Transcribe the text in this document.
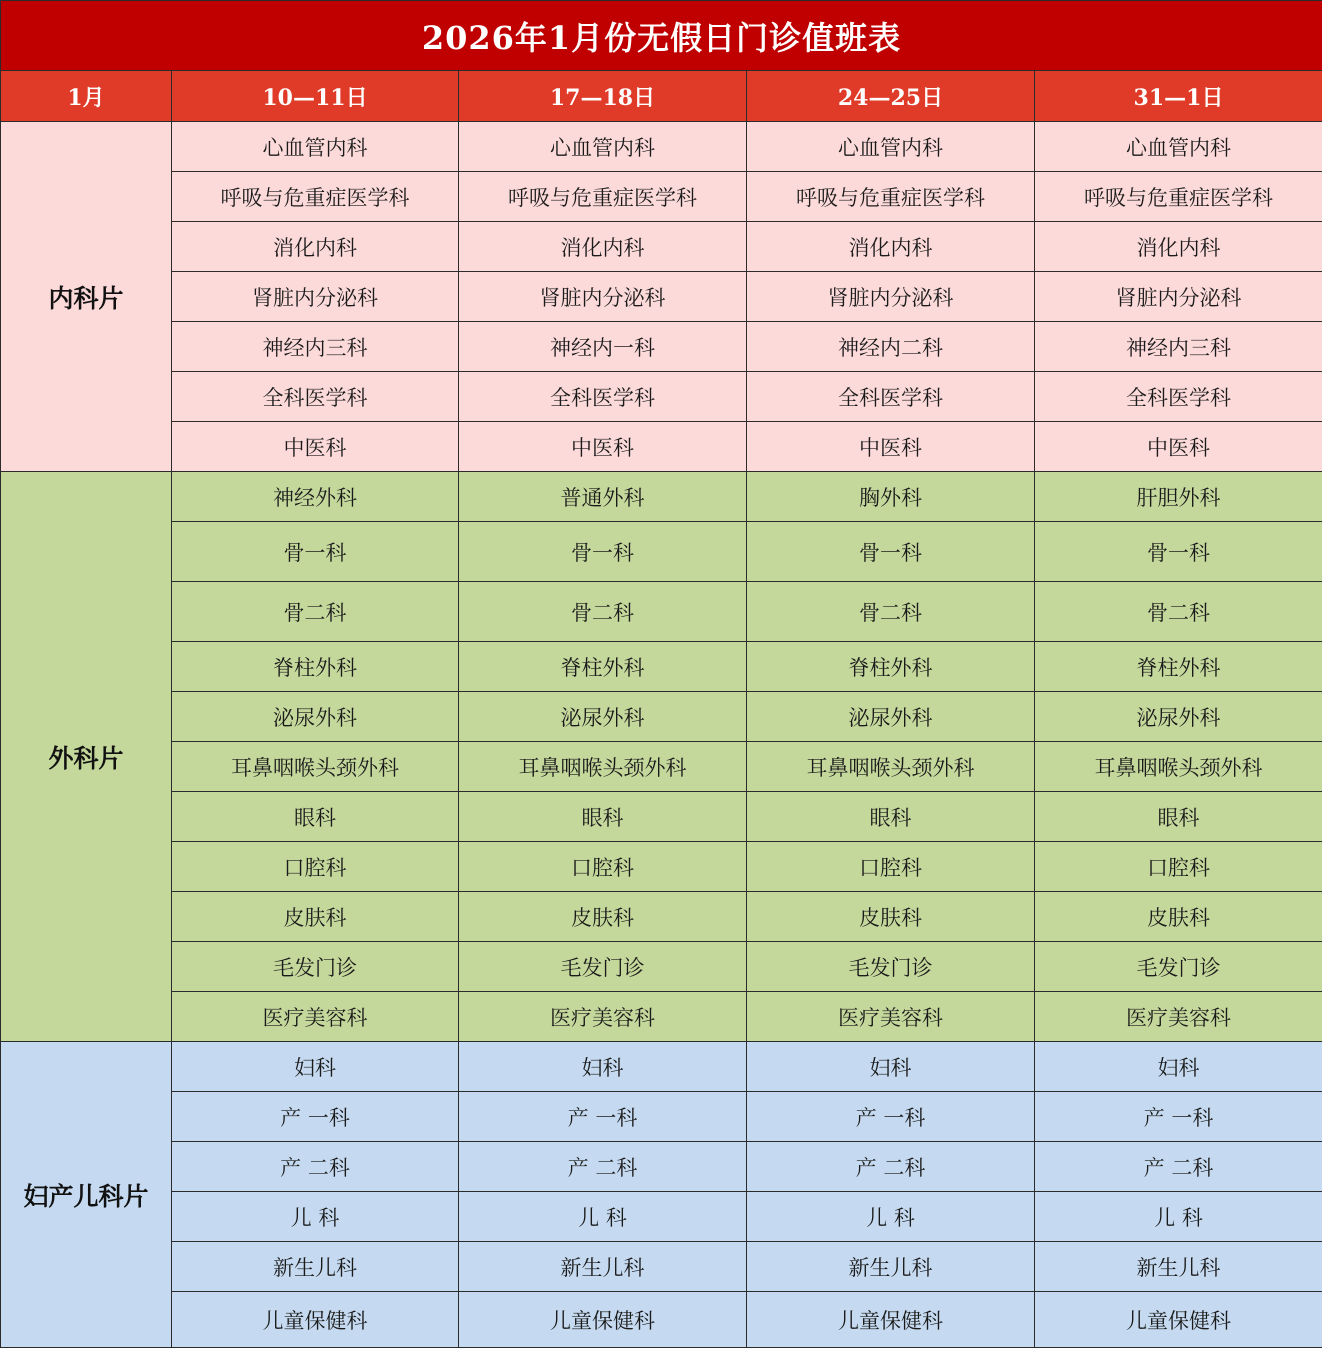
2026年1月份无假日门诊值班表				
1月	10—11日	17—18日	24—25日	31—1日
内科片	心血管内科	心血管内科	心血管内科	心血管内科
	呼吸与危重症医学科	呼吸与危重症医学科	呼吸与危重症医学科	呼吸与危重症医学科
	消化内科	消化内科	消化内科	消化内科
	肾脏内分泌科	肾脏内分泌科	肾脏内分泌科	肾脏内分泌科
	神经内三科	神经内一科	神经内二科	神经内三科
	全科医学科	全科医学科	全科医学科	全科医学科
	中医科	中医科	中医科	中医科
外科片	神经外科	普通外科	胸外科	肝胆外科
	骨一科	骨一科	骨一科	骨一科
	骨二科	骨二科	骨二科	骨二科
	脊柱外科	脊柱外科	脊柱外科	脊柱外科
	泌尿外科	泌尿外科	泌尿外科	泌尿外科
	耳鼻咽喉头颈外科	耳鼻咽喉头颈外科	耳鼻咽喉头颈外科	耳鼻咽喉头颈外科
	眼科	眼科	眼科	眼科
	口腔科	口腔科	口腔科	口腔科
	皮肤科	皮肤科	皮肤科	皮肤科
	毛发门诊	毛发门诊	毛发门诊	毛发门诊
	医疗美容科	医疗美容科	医疗美容科	医疗美容科
妇产儿科片	妇科	妇科	妇科	妇科
	产 一科	产 一科	产 一科	产 一科
	产 二科	产 二科	产 二科	产 二科
	儿 科	儿 科	儿 科	儿 科
	新生儿科	新生儿科	新生儿科	新生儿科
	儿童保健科	儿童保健科	儿童保健科	儿童保健科
